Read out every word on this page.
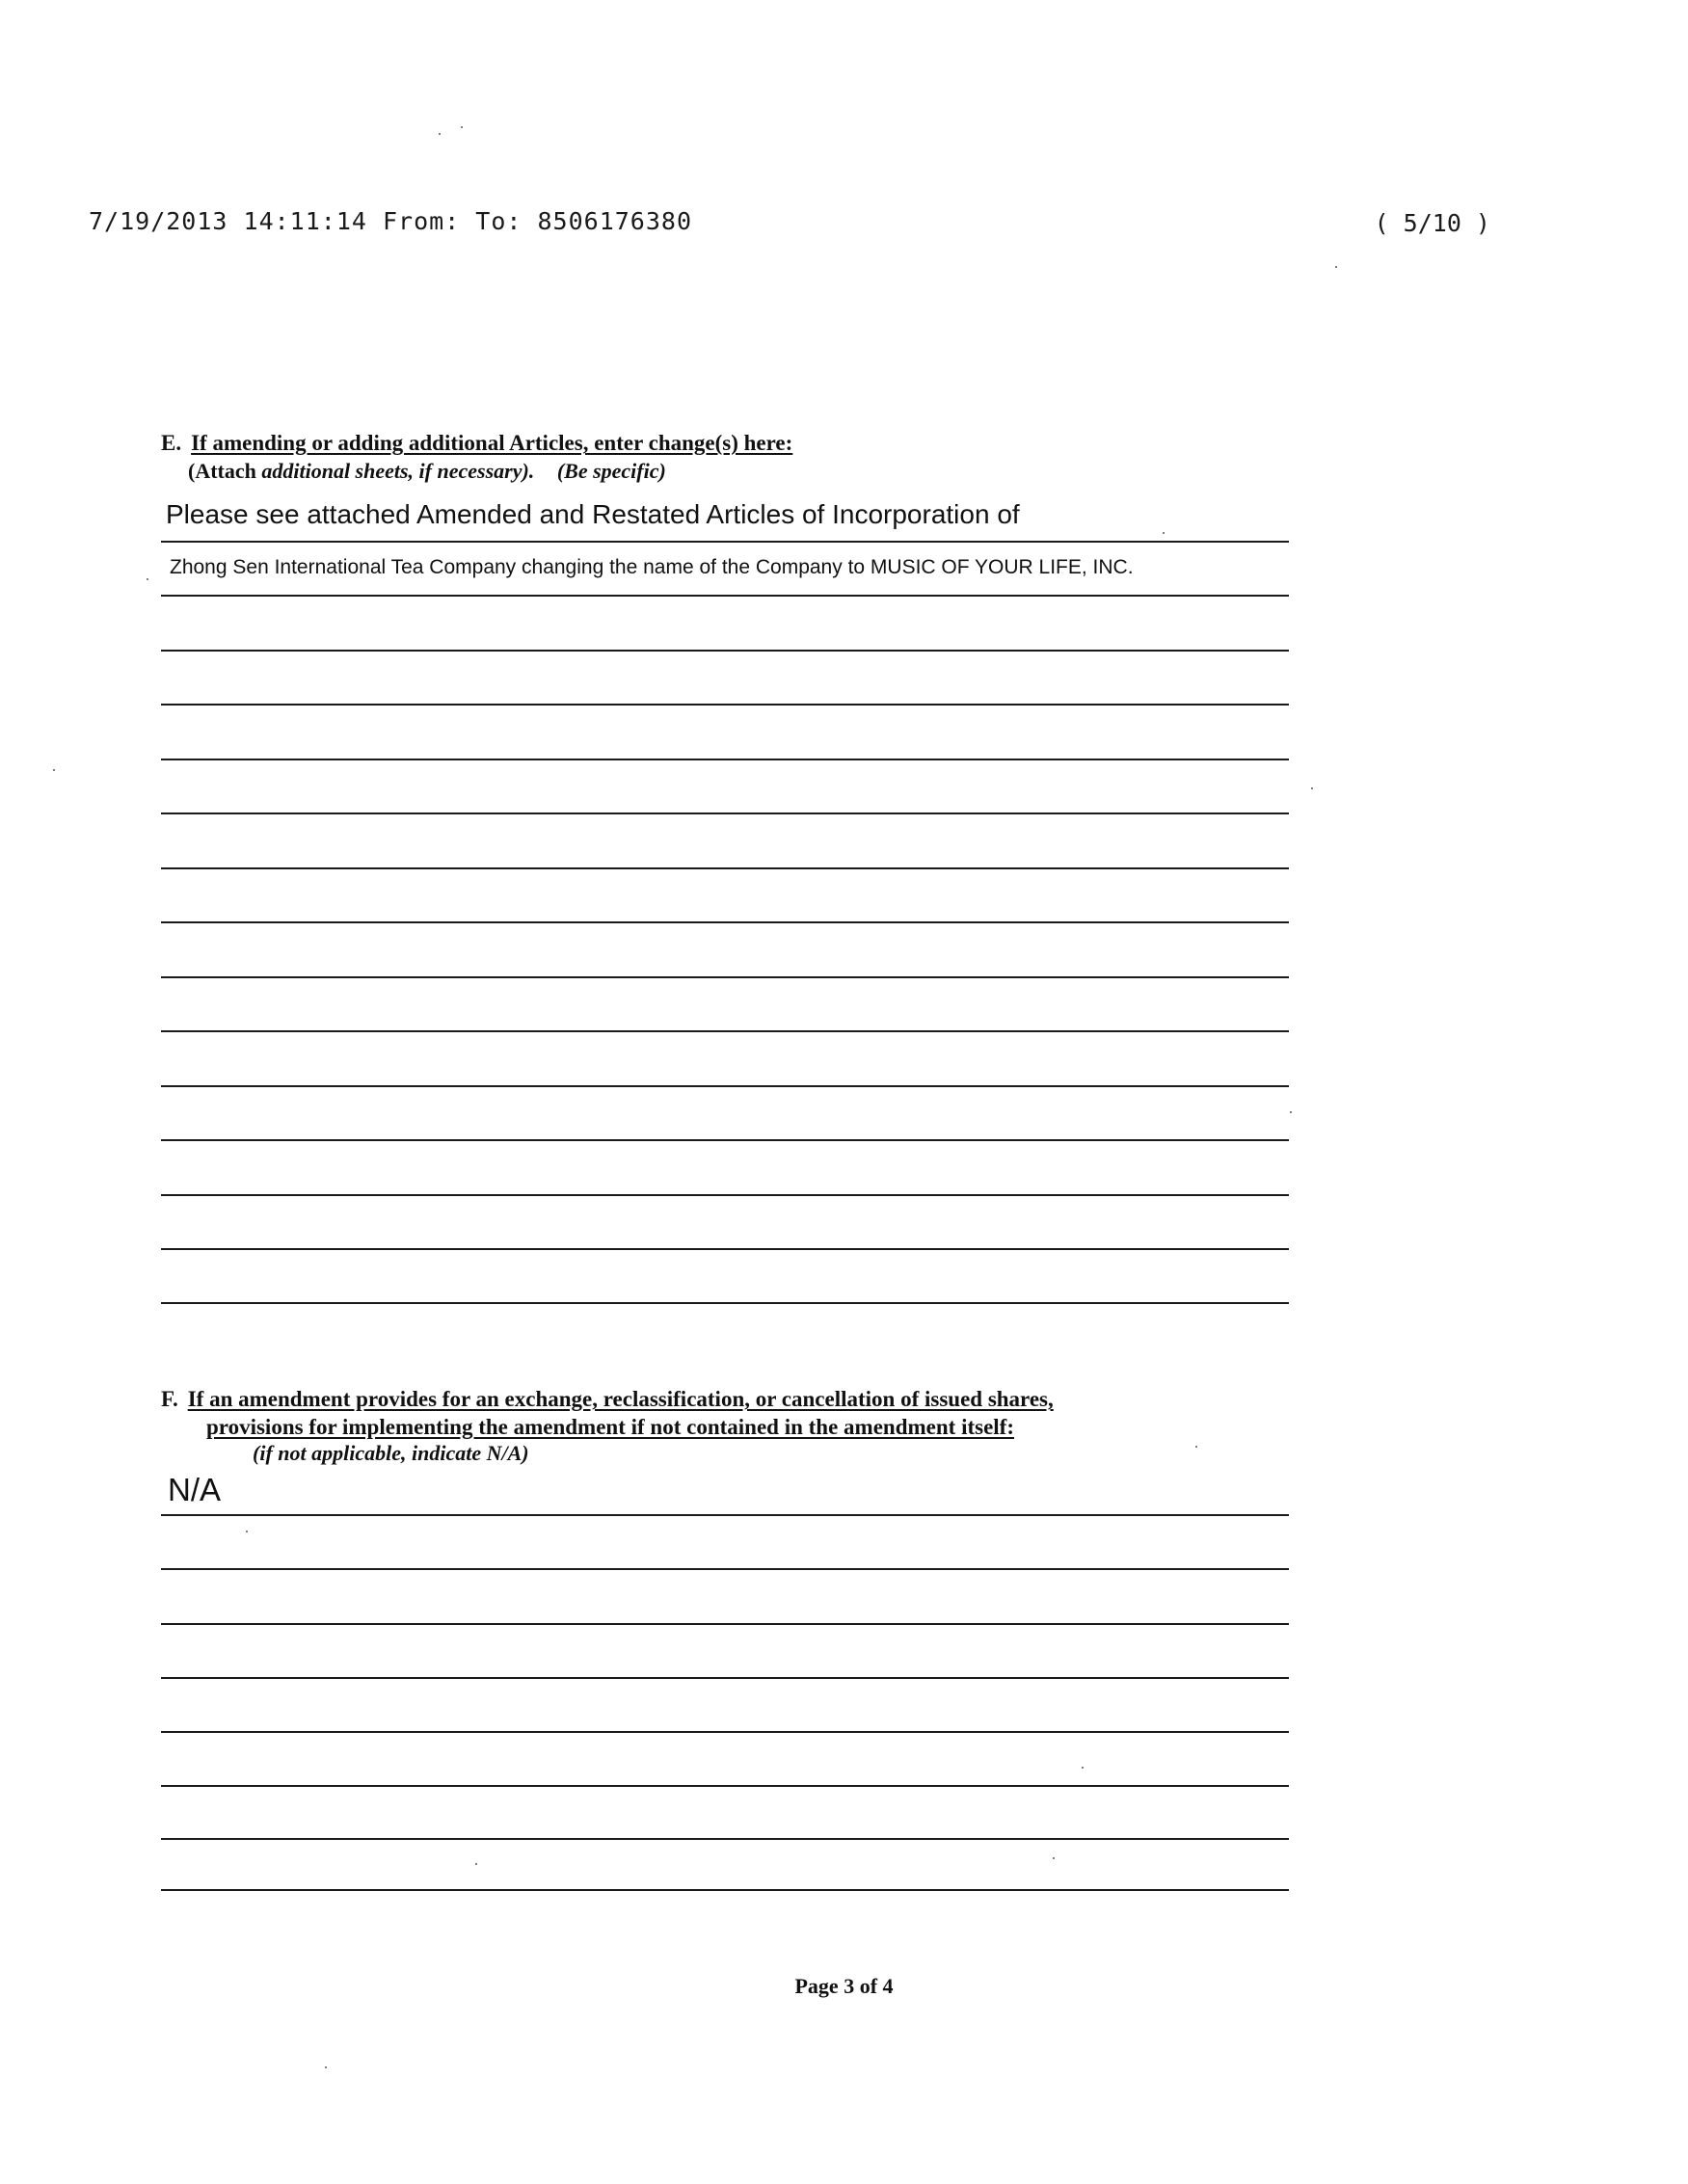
7/19/2013 14:11:14 From: To: 8506176380	( 5/10 )
E. If amending or adding additional Articles, enter change(s) here:
(Attach additional sheets, if necessary). (Be specific)
Please see attached Amended and Restated Articles of Incorporation of
Zhong Sen International Tea Company changing the name of the Company to MUSIC OF YOUR LIFE, INC.
F. If an amendment provides for an exchange, reclassification, or cancellation of issued shares,
provisions for implementing the amendment if not contained in the amendment itself:
(if not applicable, indicate N/A)
N/A
Page 3 of 4
